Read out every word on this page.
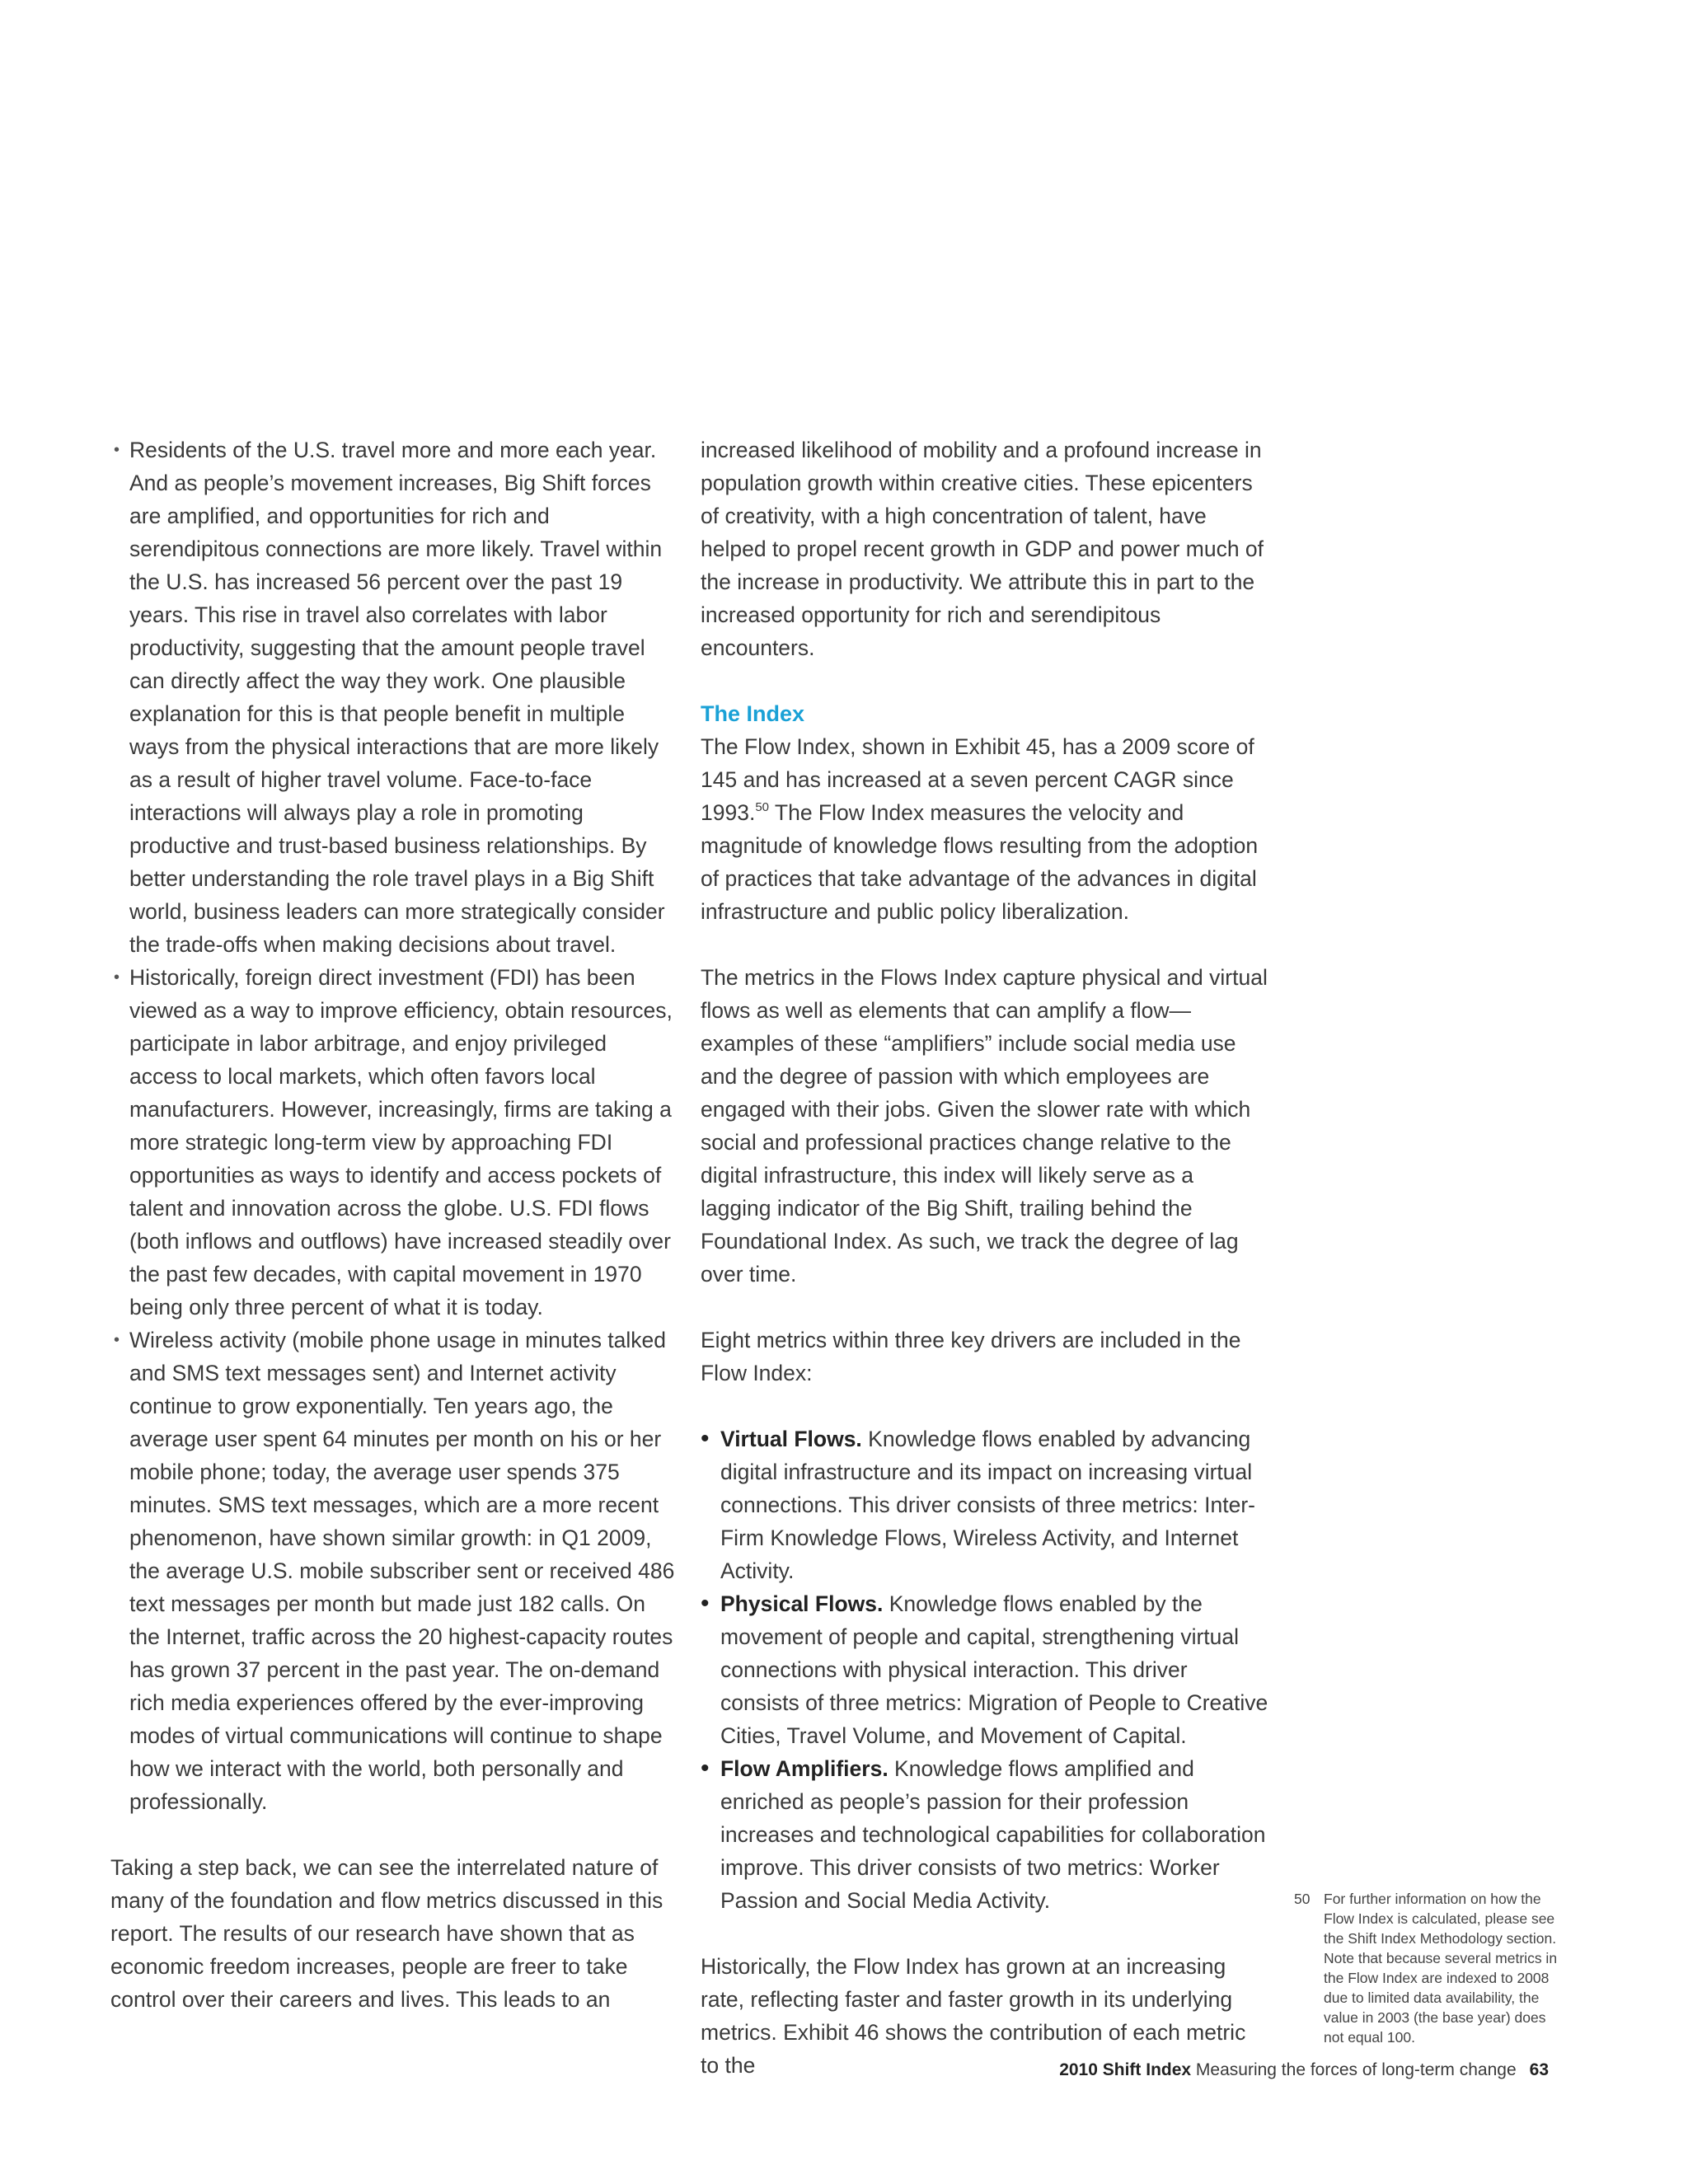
• Residents of the U.S. travel more and more each year. And as people’s movement increases, Big Shift forces are amplified, and opportunities for rich and serendipitous connections are more likely. Travel within the U.S. has increased 56 percent over the past 19 years. This rise in travel also correlates with labor productivity, suggesting that the amount people travel can directly affect the way they work. One plausible explanation for this is that people benefit in multiple ways from the physical interactions that are more likely as a result of higher travel volume. Face-to-face interactions will always play a role in promoting productive and trust-based business relationships. By better understanding the role travel plays in a Big Shift world, business leaders can more strategically consider the trade-offs when making decisions about travel.
• Historically, foreign direct investment (FDI) has been viewed as a way to improve efficiency, obtain resources, participate in labor arbitrage, and enjoy privileged access to local markets, which often favors local manufacturers. However, increasingly, firms are taking a more strategic long-term view by approaching FDI opportunities as ways to identify and access pockets of talent and innovation across the globe. U.S. FDI flows (both inflows and outflows) have increased steadily over the past few decades, with capital movement in 1970 being only three percent of what it is today.
• Wireless activity (mobile phone usage in minutes talked and SMS text messages sent) and Internet activity continue to grow exponentially. Ten years ago, the average user spent 64 minutes per month on his or her mobile phone; today, the average user spends 375 minutes. SMS text messages, which are a more recent phenomenon, have shown similar growth: in Q1 2009, the average U.S. mobile subscriber sent or received 486 text messages per month but made just 182 calls. On the Internet, traffic across the 20 highest-capacity routes has grown 37 percent in the past year. The on-demand rich media experiences offered by the ever-improving modes of virtual communications will continue to shape how we interact with the world, both personally and professionally.

Taking a step back, we can see the interrelated nature of many of the foundation and flow metrics discussed in this report. The results of our research have shown that as economic freedom increases, people are freer to take control over their careers and lives. This leads to an

increased likelihood of mobility and a profound increase in population growth within creative cities. These epicenters of creativity, with a high concentration of talent, have helped to propel recent growth in GDP and power much of the increase in productivity. We attribute this in part to the increased opportunity for rich and serendipitous encounters.

The Index

The Flow Index, shown in Exhibit 45, has a 2009 score of 145 and has increased at a seven percent CAGR since 1993.50 The Flow Index measures the velocity and magnitude of knowledge flows resulting from the adoption of practices that take advantage of the advances in digital infrastructure and public policy liberalization.

The metrics in the Flows Index capture physical and virtual flows as well as elements that can amplify a flow—examples of these “amplifiers” include social media use and the degree of passion with which employees are engaged with their jobs. Given the slower rate with which social and professional practices change relative to the digital infrastructure, this index will likely serve as a lagging indicator of the Big Shift, trailing behind the Foundational Index. As such, we track the degree of lag over time.

Eight metrics within three key drivers are included in the Flow Index:

• Virtual Flows. Knowledge flows enabled by advancing digital infrastructure and its impact on increasing virtual connections. This driver consists of three metrics: Inter-Firm Knowledge Flows, Wireless Activity, and Internet Activity.
• Physical Flows. Knowledge flows enabled by the movement of people and capital, strengthening virtual connections with physical interaction. This driver consists of three metrics: Migration of People to Creative Cities, Travel Volume, and Movement of Capital.
• Flow Amplifiers. Knowledge flows amplified and enriched as people’s passion for their profession increases and technological capabilities for collaboration improve. This driver consists of two metrics: Worker Passion and Social Media Activity.

Historically, the Flow Index has grown at an increasing rate, reflecting faster and faster growth in its underlying metrics. Exhibit 46 shows the contribution of each metric to the

50 For further information on how the Flow Index is calculated, please see the Shift Index Methodology section. Note that because several metrics in the Flow Index are indexed to 2008 due to limited data availability, the value in 2003 (the base year) does not equal 100.
2010 Shift Index Measuring the forces of long-term change 63
